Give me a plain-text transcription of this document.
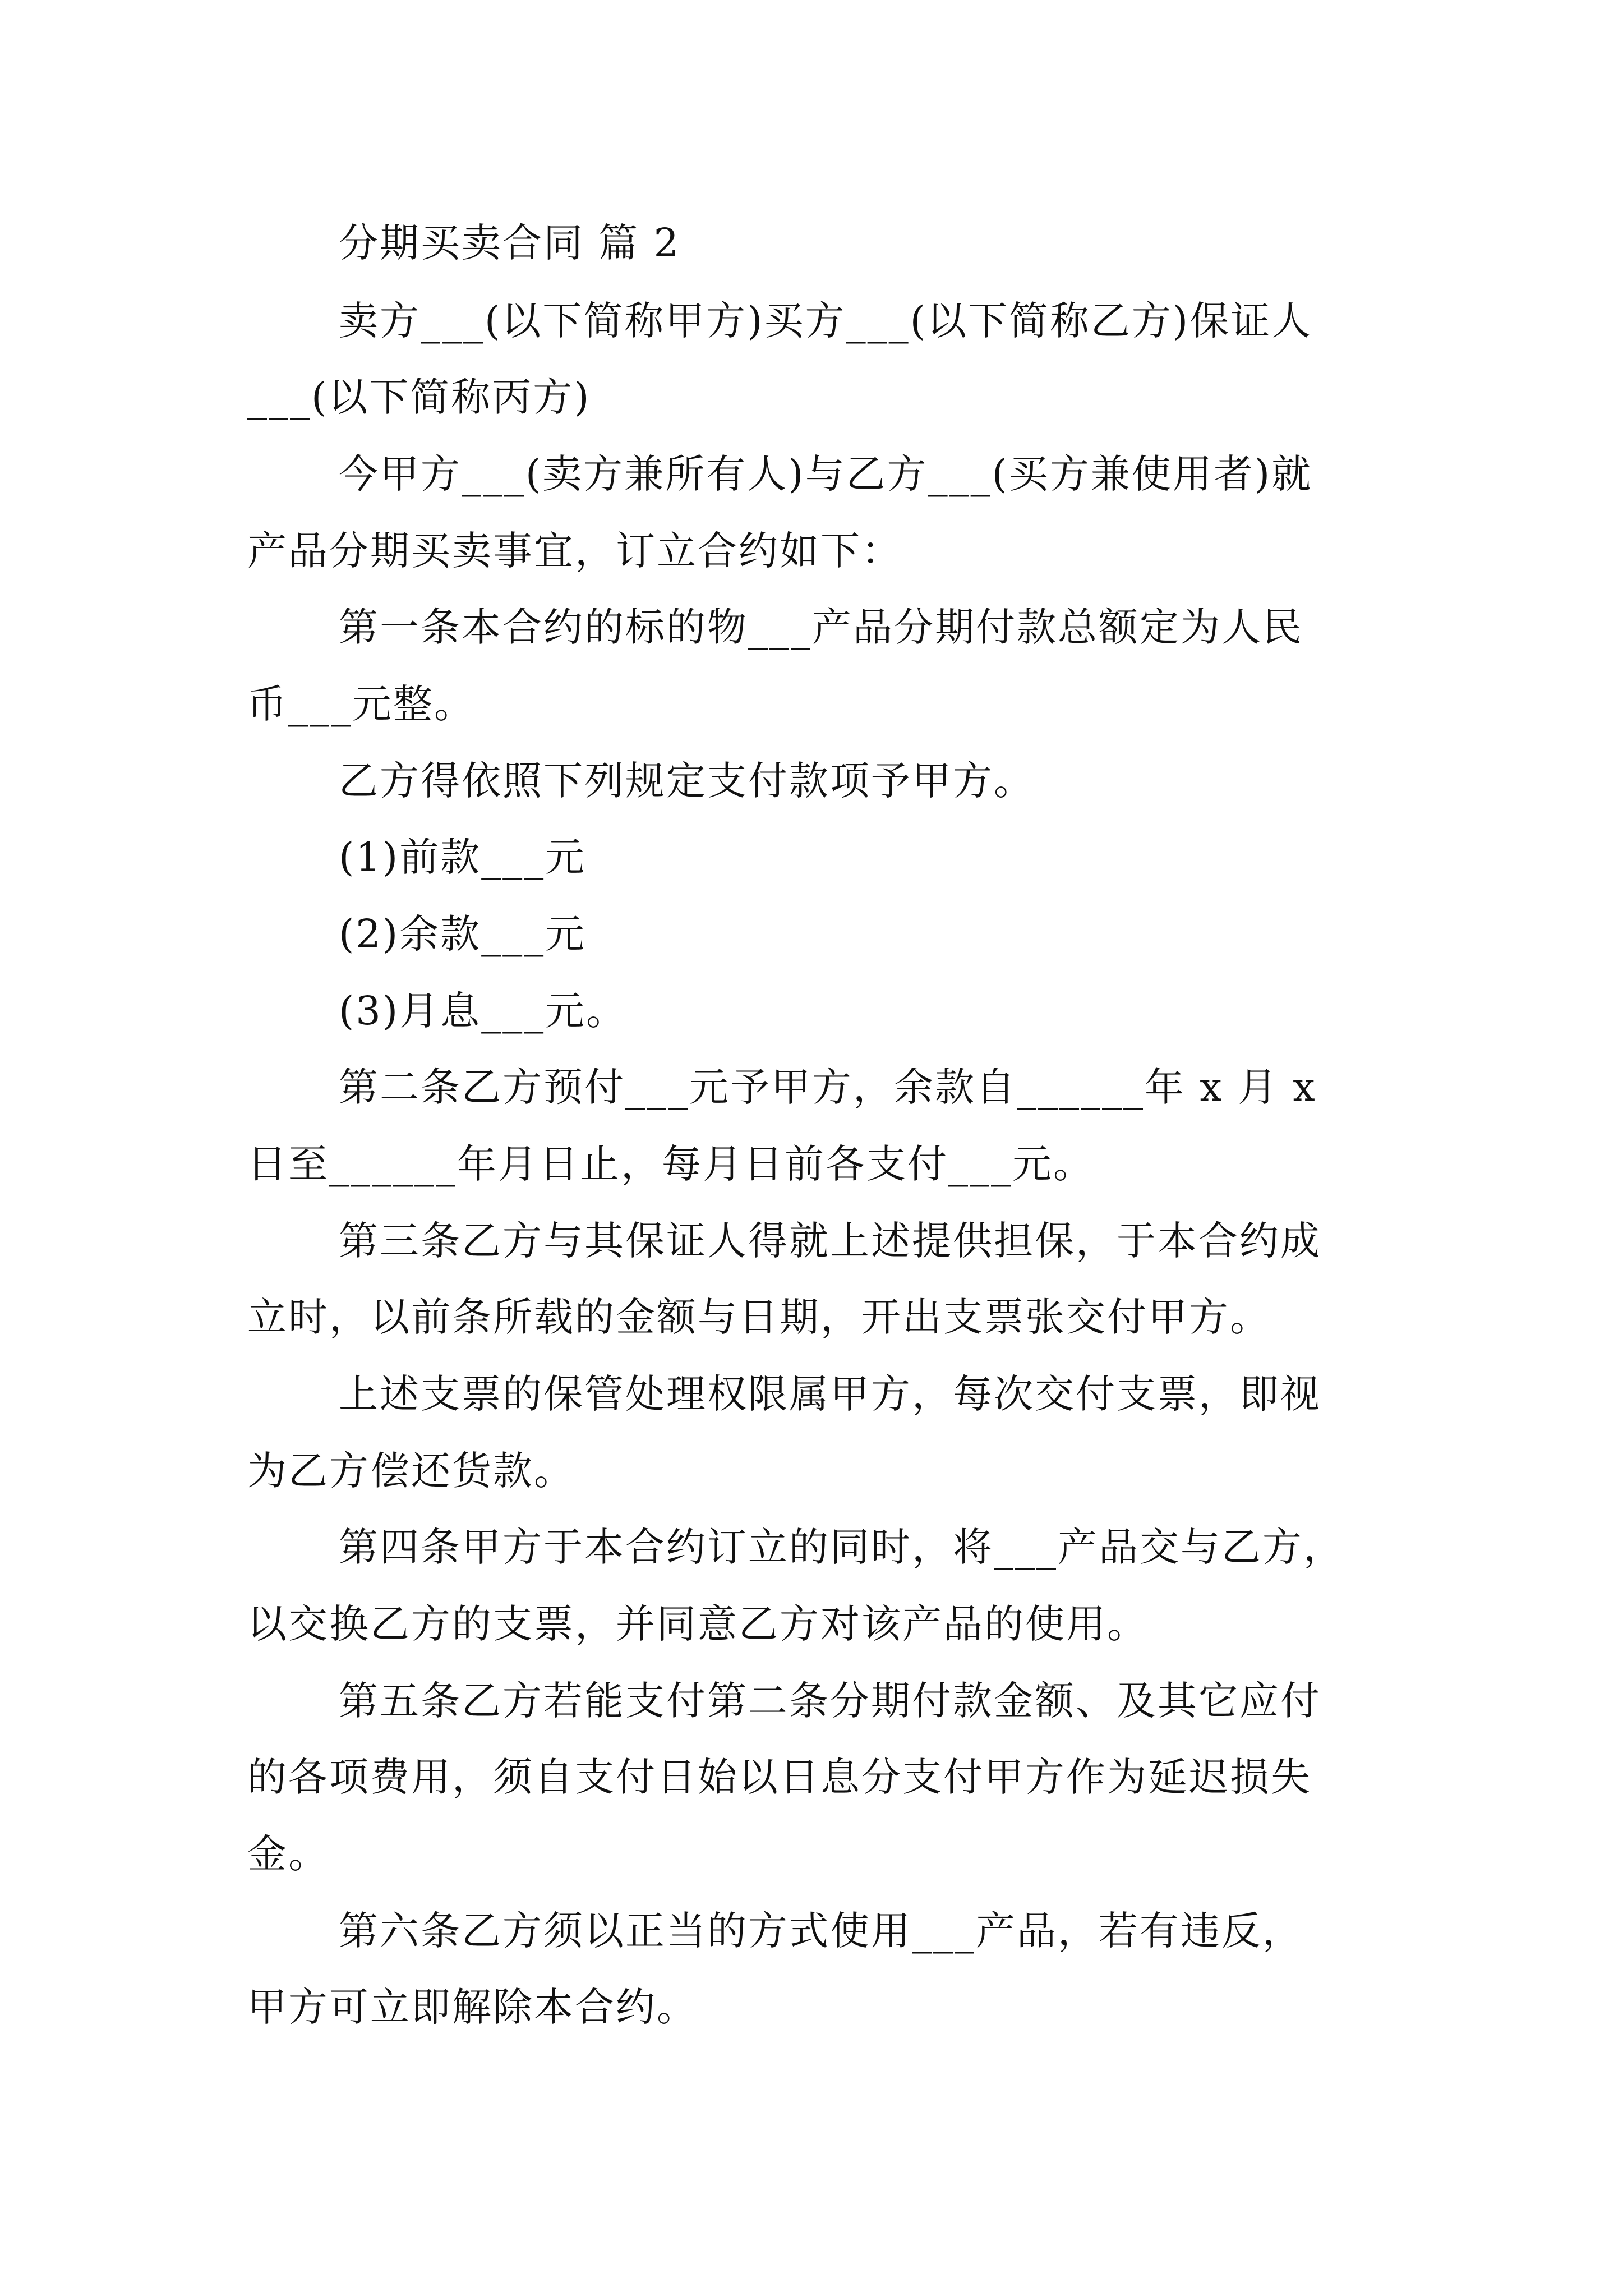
分期买卖合同 篇 2
卖方___(以下简称甲方)买方___(以下简称乙方)保证人
___(以下简称丙方)
今甲方___(卖方兼所有人)与乙方___(买方兼使用者)就
产品分期买卖事宜，订立合约如下：
第一条本合约的标的物___产品分期付款总额定为人民
币___元整。
乙方得依照下列规定支付款项予甲方。
(1)前款___元
(2)余款___元
(3)月息___元。
第二条乙方预付___元予甲方，余款自______年 x 月 x
日至______年月日止，每月日前各支付___元。
第三条乙方与其保证人得就上述提供担保，于本合约成
立时，以前条所载的金额与日期，开出支票张交付甲方。
上述支票的保管处理权限属甲方，每次交付支票，即视
为乙方偿还货款。
第四条甲方于本合约订立的同时，将___产品交与乙方，
以交换乙方的支票，并同意乙方对该产品的使用。
第五条乙方若能支付第二条分期付款金额、及其它应付
的各项费用，须自支付日始以日息分支付甲方作为延迟损失
金。
第六条乙方须以正当的方式使用___产品，若有违反，
甲方可立即解除本合约。
